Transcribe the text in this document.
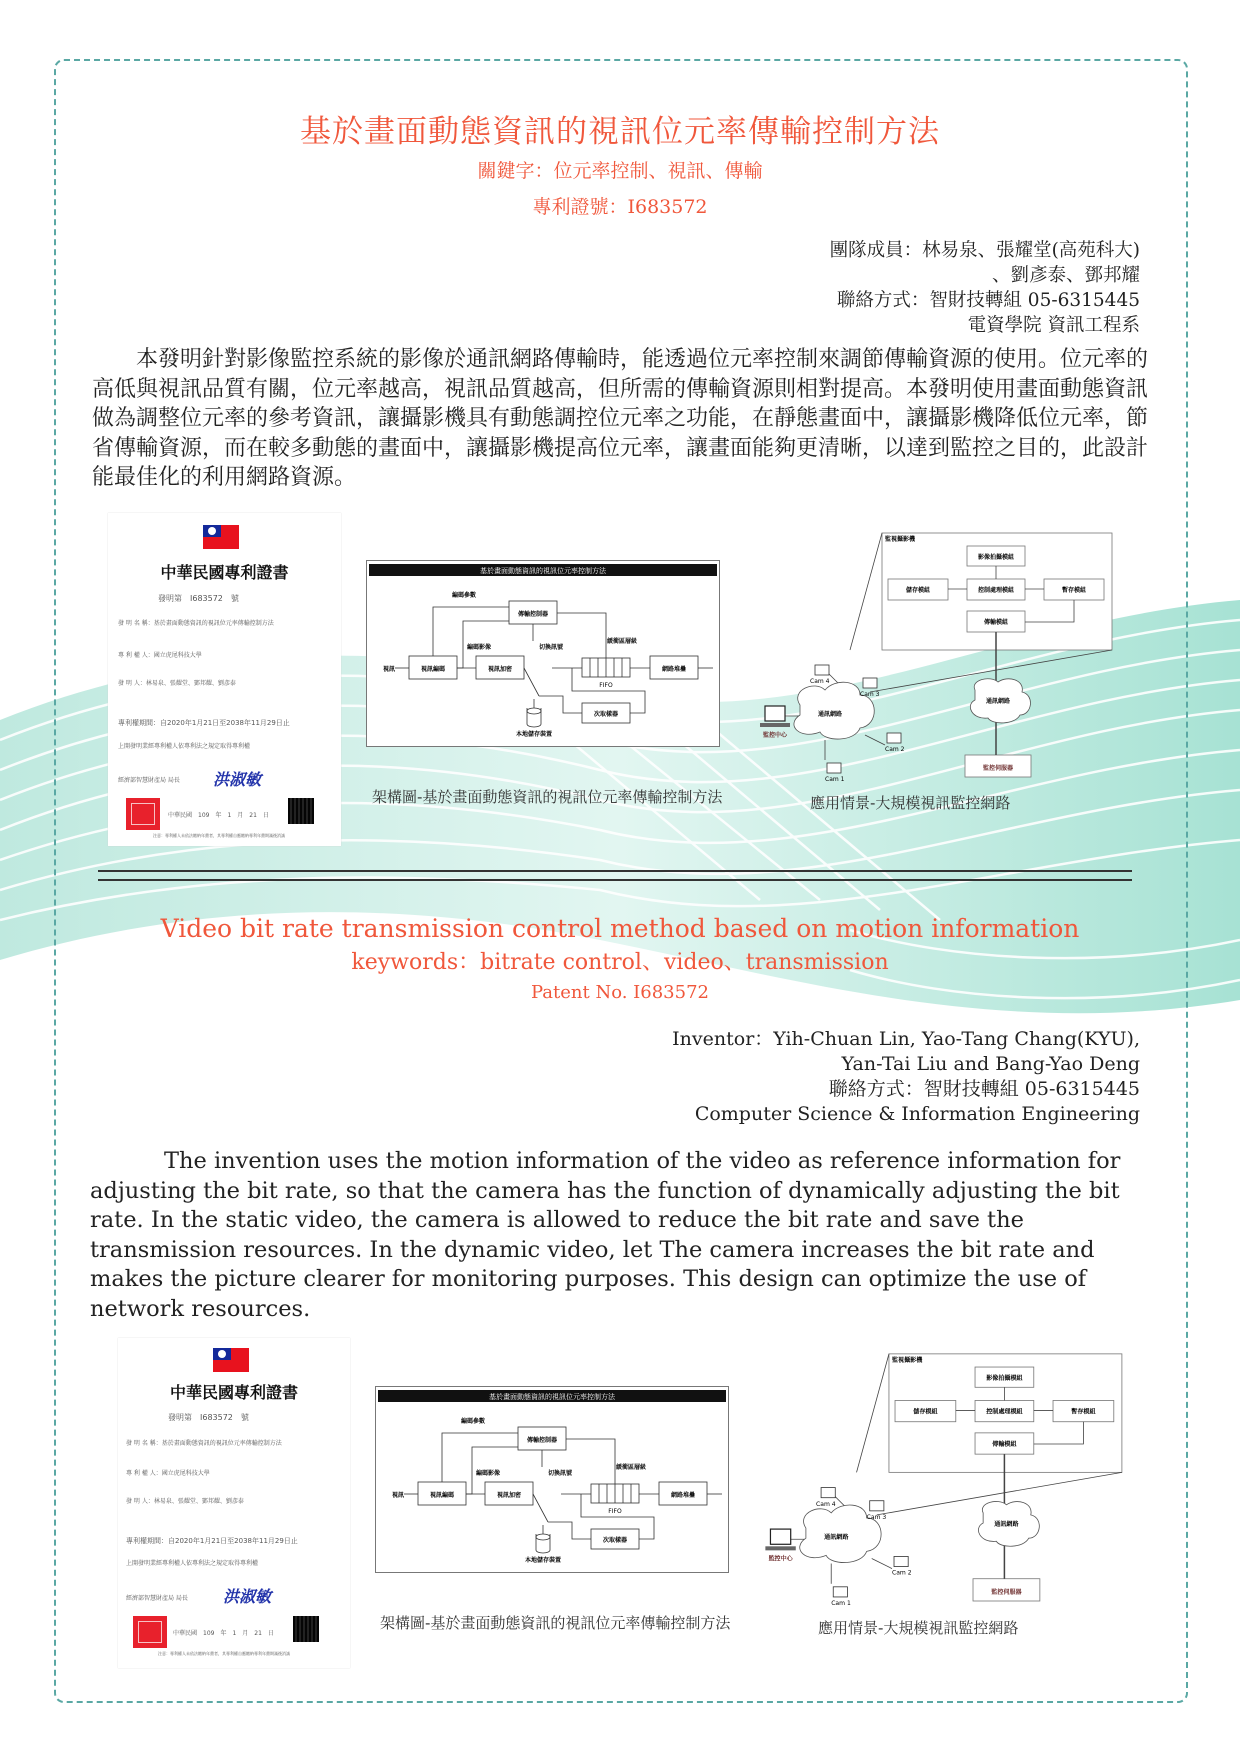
基於畫面動態資訊的視訊位元率傳輸控制方法
關鍵字：位元率控制、視訊、傳輸
專利證號：I683572
團隊成員：林易泉、張耀堂(高苑科大)
、劉彥泰、鄧邦耀
聯絡方式：智財技轉組 05-6315445
電資學院 資訊工程系
本發明針對影像監控系統的影像於通訊網路傳輸時，能透過位元率控制來調節傳輸資源的使用。位元率的高低與視訊品質有關，位元率越高，視訊品質越高，但所需的傳輸資源則相對提高。本發明使用畫面動態資訊做為調整位元率的參考資訊，讓攝影機具有動態調控位元率之功能，在靜態畫面中，讓攝影機降低位元率，節省傳輸資源，而在較多動態的畫面中，讓攝影機提高位元率，讓畫面能夠更清晰，以達到監控之目的，此設計能最佳化的利用網路資源。
中華民國專利證書
發明第　I683572　號
發 明 名 稱：基於畫面動態資訊的視訊位元率傳輸控制方法
專 利 權 人：國立虎尾科技大學
發 明 人：林易泉、張耀堂、鄧邦耀、劉彥泰
專利權期間：自2020年1月21日至2038年11月29日止
上開發明業經專利權人依專利法之規定取得專利權
經濟部智慧財產局 局長 洪淑敏
中華民國　109　年　1　月　21　日
注意：專利權人未依法繳納年費者，其專利權自應繳納專利年費期滿後消滅
基於畫面動態資訊的視訊位元率控制方法
視訊	視訊編碼	視訊加密
傳輸控制器
編碼參數
編碼影像	切換訊號
緩衝區層級
FIFO
網路堆疊
次取樣器
本地儲存裝置
架構圖-基於畫面動態資訊的視訊位元率傳輸控制方法
監視攝影機
影像拍攝模組
儲存模組	控制處理模組	暫存模組
傳輸模組
通訊網路
通訊網路
監控伺服器
監控中心
Cam 4
Cam 3
Cam 2
Cam 1
應用情景-大規模視訊監控網路
Video bit rate transmission control method based on motion information
keywords：bitrate control、video、transmission
Patent No. I683572
Inventor：Yih-Chuan Lin, Yao-Tang Chang(KYU),
Yan-Tai Liu and Bang-Yao Deng
聯絡方式：智財技轉組 05-6315445
Computer Science & Information Engineering
The invention uses the motion information of the video as reference information for adjusting the bit rate, so that the camera has the function of dynamically adjusting the bit rate. In the static video, the camera is allowed to reduce the bit rate and save the transmission resources. In the dynamic video, let The camera increases the bit rate and makes the picture clearer for monitoring purposes. This design can optimize the use of network resources.
中華民國專利證書
發明第　I683572　號
發 明 名 稱：基於畫面動態資訊的視訊位元率傳輸控制方法
專 利 權 人：國立虎尾科技大學
發 明 人：林易泉、張耀堂、鄧邦耀、劉彥泰
專利權期間：自2020年1月21日至2038年11月29日止
上開發明業經專利權人依專利法之規定取得專利權
經濟部智慧財產局 局長 洪淑敏
中華民國　109　年　1　月　21　日
注意：專利權人未依法繳納年費者，其專利權自應繳納專利年費期滿後消滅
基於畫面動態資訊的視訊位元率控制方法
視訊	視訊編碼	視訊加密
傳輸控制器
編碼參數
編碼影像	切換訊號
緩衝區層級
FIFO
網路堆疊
次取樣器
本地儲存裝置
架構圖-基於畫面動態資訊的視訊位元率傳輸控制方法
監視攝影機
影像拍攝模組
儲存模組	控制處理模組	暫存模組
傳輸模組
通訊網路
通訊網路
監控伺服器
監控中心
Cam 4
Cam 3
Cam 2
Cam 1
應用情景-大規模視訊監控網路
